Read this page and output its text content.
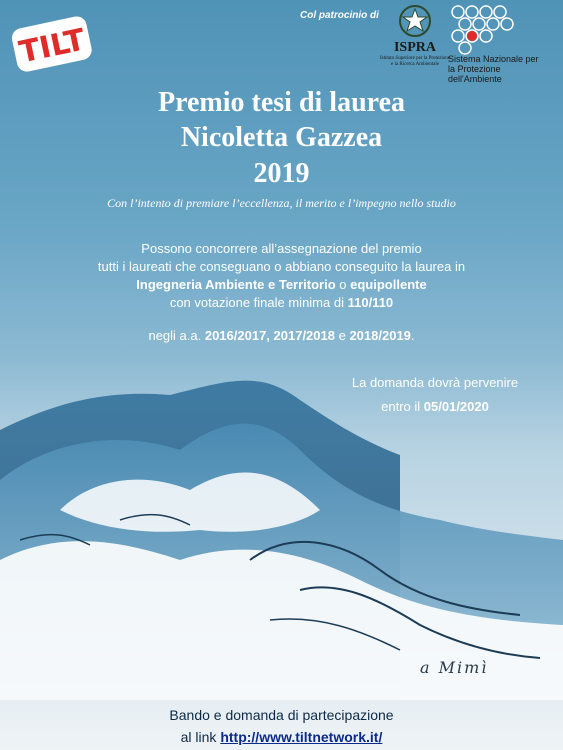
TILT
Col patrocinio di
ISPRA
Istituto Superiore per la Protezione
e la Ricerca Ambientale
Sistema Nazionale per la Protezione dell'Ambiente
Premio tesi di laurea
Nicoletta Gazzea
2019
Con l’intento di premiare l’eccellenza, il merito e l’impegno nello studio
Possono concorrere all’assegnazione del premio
tutti i laureati che conseguano o abbiano conseguito la laurea in
Ingegneria Ambiente e Territorio o equipollente
con votazione finale minima di 110/110
negli a.a. 2016/2017, 2017/2018 e 2018/2019.
La domanda dovrà pervenire
entro il 05/01/2020
a Mimì
Bando e domanda di partecipazione
al link http://www.tiltnetwork.it/
